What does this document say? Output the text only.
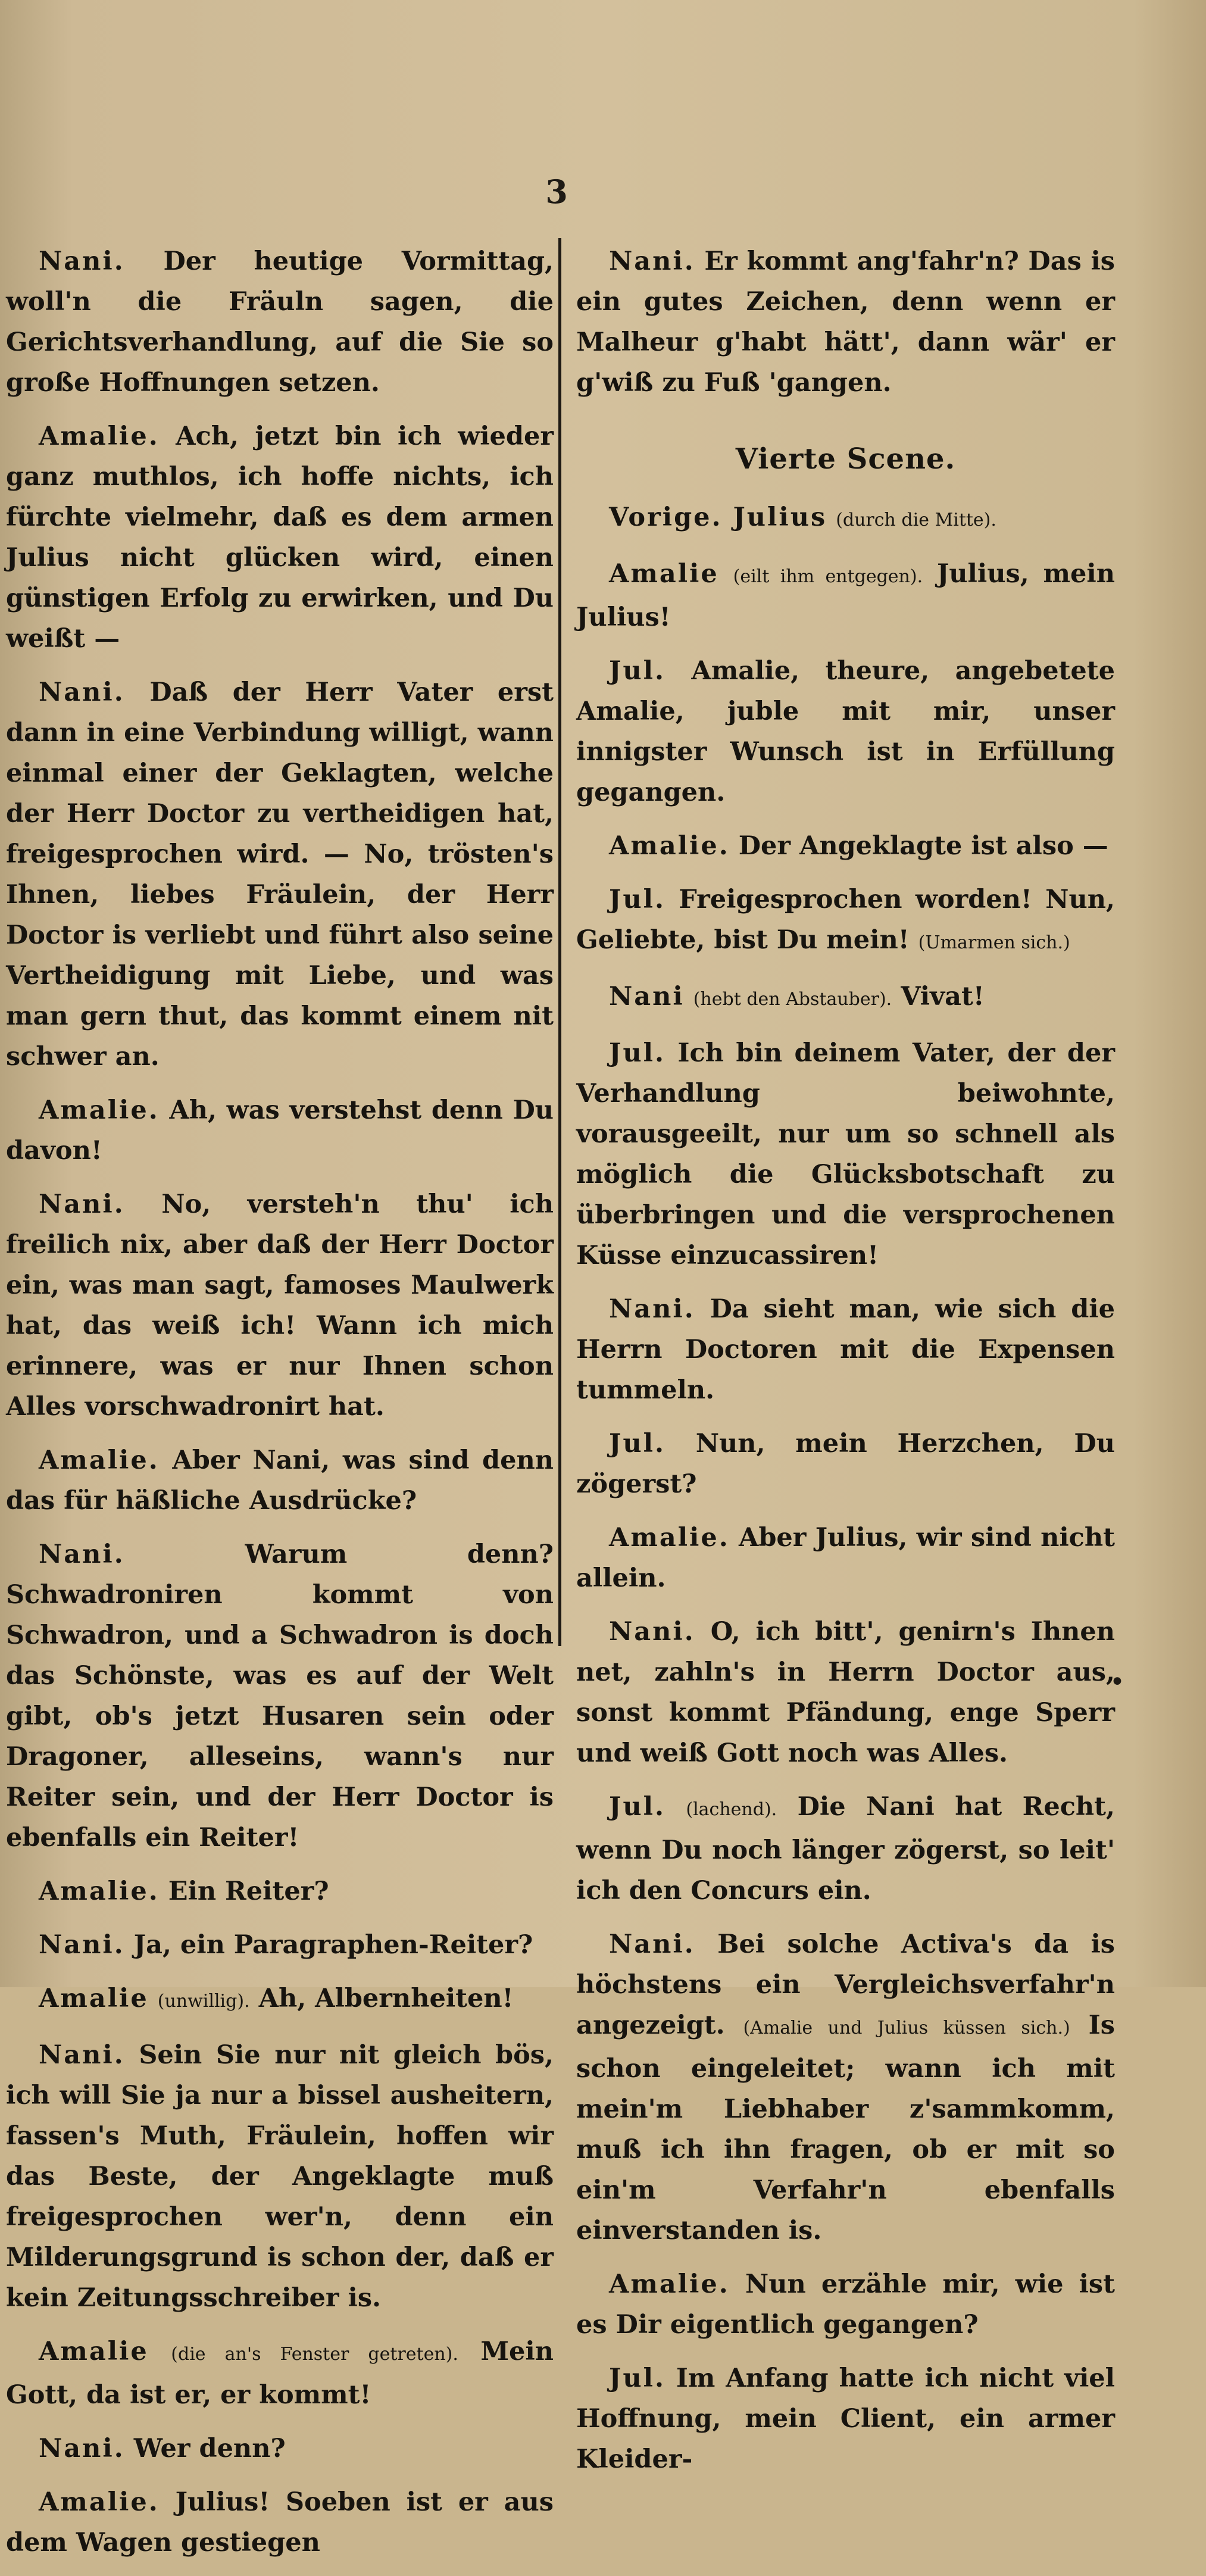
3
Nani. Der heutige Vormittag, woll'n die Fräuln sagen, die Gerichtsverhandlung, auf die Sie so große Hoffnungen setzen.
Amalie. Ach, jetzt bin ich wieder ganz muthlos, ich hoffe nichts, ich fürchte vielmehr, daß es dem armen Julius nicht glücken wird, einen günstigen Erfolg zu erwirken, und Du weißt —
Nani. Daß der Herr Vater erst dann in eine Verbindung willigt, wann einmal einer der Geklagten, welche der Herr Doctor zu vertheidigen hat, freigesprochen wird. — No, trösten's Ihnen, liebes Fräulein, der Herr Doctor is verliebt und führt also seine Vertheidigung mit Liebe, und was man gern thut, das kommt einem nit schwer an.
Amalie. Ah, was verstehst denn Du davon!
Nani. No, versteh'n thu' ich freilich nix, aber daß der Herr Doctor ein, was man sagt, famoses Maulwerk hat, das weiß ich! Wann ich mich erinnere, was er nur Ihnen schon Alles vorschwadronirt hat.
Amalie. Aber Nani, was sind denn das für häßliche Ausdrücke?
Nani.	Warum denn? Schwadroniren kommt von Schwadron, und a Schwadron is doch das Schönste, was es auf der Welt gibt, ob's jetzt Husaren sein oder Dragoner, alleseins, wann's nur Reiter sein, und der Herr Doctor is ebenfalls ein Reiter!
Amalie. Ein Reiter?
Nani. Ja, ein Paragraphen-Reiter?
Amalie (unwillig). Ah, Albernheiten!
Nani. Sein Sie nur nit gleich bös, ich will Sie ja nur a bissel ausheitern, fassen's Muth, Fräulein, hoffen wir das Beste, der Angeklagte muß freigesprochen wer'n, denn ein Milderungsgrund is schon der, daß er kein Zeitungsschreiber is.
Amalie (die an's Fenster getreten). Mein Gott, da ist er, er kommt!
Nani. Wer denn?
Amalie. Julius! Soeben ist er aus dem Wagen gestiegen
Nani. Er kommt ang'fahr'n? Das is ein gutes Zeichen, denn wenn er Malheur g'habt hätt', dann wär' er g'wiß zu Fuß 'gangen.
Vierte Scene.
Vorige. Julius (durch die Mitte).
Amalie (eilt ihm entgegen). Julius, mein Julius!
Jul. Amalie, theure, angebetete Amalie, juble mit mir, unser innigster Wunsch ist in Erfüllung gegangen.
Amalie. Der Angeklagte ist also —
Jul. Freigesprochen worden! Nun, Geliebte, bist Du mein! (Umarmen sich.)
Nani (hebt den Abstauber). Vivat!
Jul. Ich bin deinem Vater, der der Verhandlung beiwohnte, vorausgeeilt, nur um so schnell als möglich die Glücksbotschaft zu überbringen und die versprochenen Küsse einzucassiren!
Nani. Da sieht man, wie sich die Herrn Doctoren mit die Expensen tummeln.
Jul. Nun, mein Herzchen, Du zögerst?
Amalie. Aber Julius, wir sind nicht allein.
Nani. O, ich bitt', genirn's Ihnen net, zahln's in Herrn Doctor aus, sonst kommt Pfändung, enge Sperr und weiß Gott noch was Alles.
Jul. (lachend). Die Nani hat Recht, wenn Du noch länger zögerst, so leit' ich den Concurs ein.
Nani. Bei solche Activa's da is höchstens ein Vergleichsverfahr'n angezeigt. (Amalie und Julius küssen sich.) Is schon eingeleitet; wann ich mit mein'm Liebhaber z'sammkomm, muß ich ihn fragen, ob er mit so ein'm Verfahr'n ebenfalls einverstanden is.
Amalie. Nun erzähle mir, wie ist es Dir eigentlich gegangen?
Jul. Im Anfang hatte ich nicht viel Hoffnung, mein Client, ein armer Kleider-
•
